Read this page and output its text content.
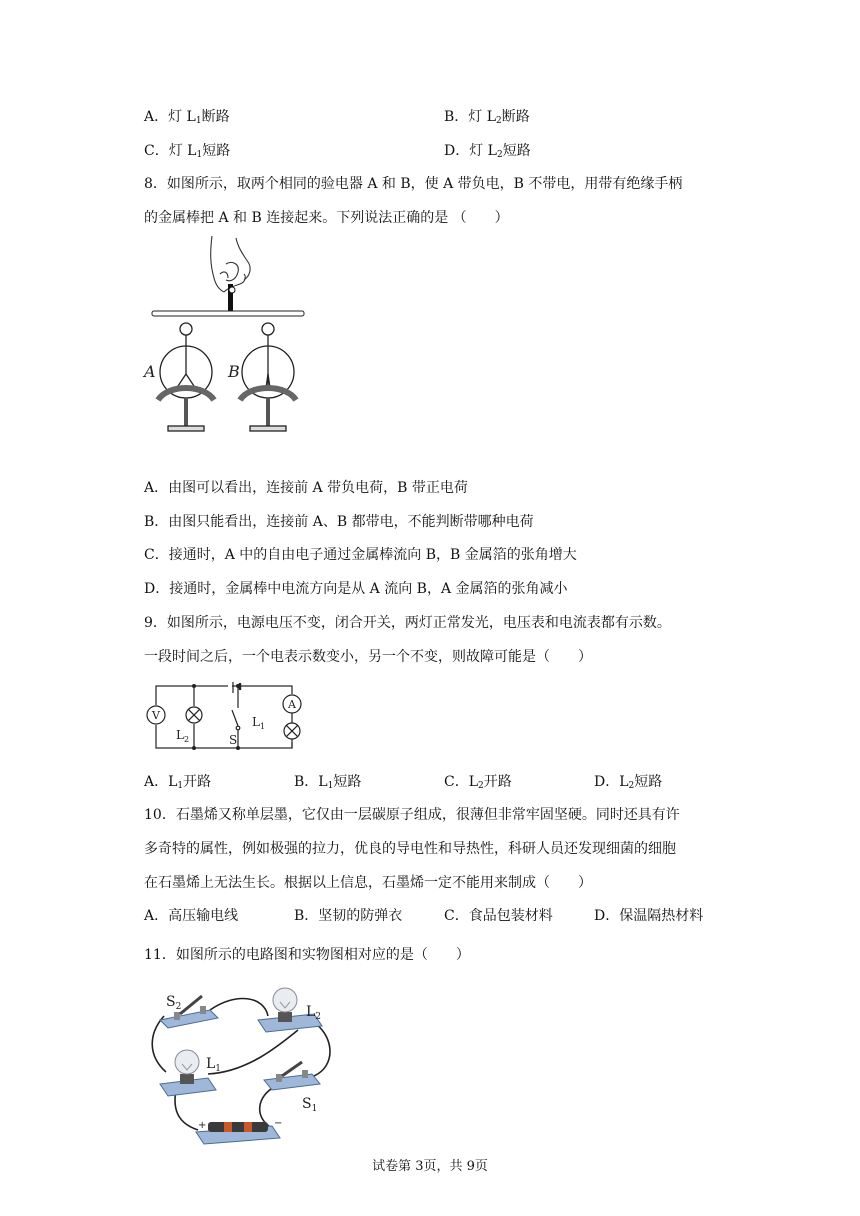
A．灯 $L_1$断路	B．灯 $L_2$断路
C．灯 $L_1$短路	D．灯 $L_2$短路
8．如图所示，取两个相同的验电器 A 和 B，使 A 带负电，B 不带电，用带有绝缘手柄
的金属棒把 A 和 B 连接起来。下列说法正确的是 （　　）
A	B
A．由图可以看出，连接前 A 带负电荷，B 带正电荷
B．由图只能看出，连接前 A、B 都带电，不能判断带哪种电荷
C．接通时，A 中的自由电子通过金属棒流向 B，B 金属箔的张角增大
D．接通时，金属棒中电流方向是从 A 流向 B，A 金属箔的张角减小
9．如图所示，电源电压不变，闭合开关，两灯正常发光，电压表和电流表都有示数。
一段时间之后，一个电表示数变小，另一个不变，则故障可能是（　　）
V
$L_2$	S
$L_1$
A
A．$L_1$开路	B．$L_1$短路	C．$L_2$开路	D．$L_2$短路
10．石墨烯又称单层墨，它仅由一层碳原子组成，很薄但非常牢固坚硬。同时还具有许
多奇特的属性，例如极强的拉力，优良的导电性和导热性，科研人员还发现细菌的细胞
在石墨烯上无法生长。根据以上信息，石墨烯一定不能用来制成（　　）
A．高压输电线	B．坚韧的防弹衣	C．食品包装材料	D．保温隔热材料
11．如图所示的电路图和实物图相对应的是（　　）
$S_2$	$L_2$
$L_1$
$S_1$
+	−
试卷第 3页，共 9页
